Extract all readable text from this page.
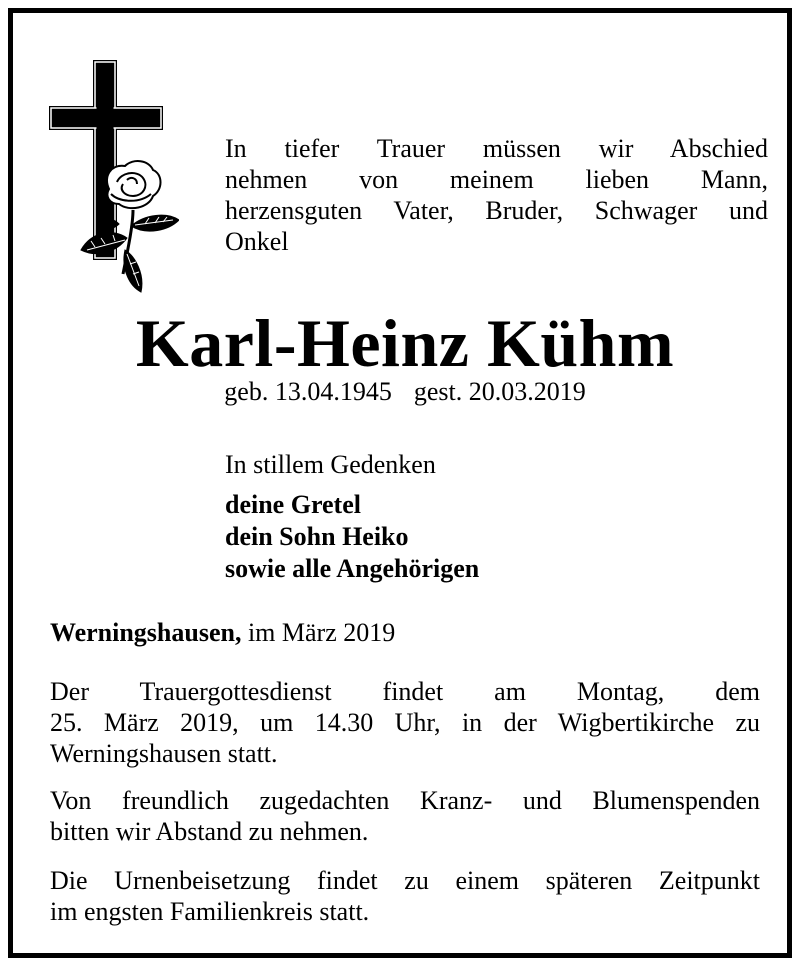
In tiefer Trauer müssen wir Abschied
nehmen von meinem lieben Mann,
herzensguten Vater, Bruder, Schwager und
Onkel
Karl-Heinz Kühm
geb. 13.04.1945 gest. 20.03.2019
In stillem Gedenken
deine Gretel
dein Sohn Heiko
sowie alle Angehörigen
Werningshausen, im März 2019
Der Trauergottesdienst findet am Montag, dem
25. März 2019, um 14.30 Uhr, in der Wigbertikirche zu
Werningshausen statt.
Von freundlich zugedachten Kranz- und Blumenspenden
bitten wir Abstand zu nehmen.
Die Urnenbeisetzung findet zu einem späteren Zeitpunkt
im engsten Familienkreis statt.
